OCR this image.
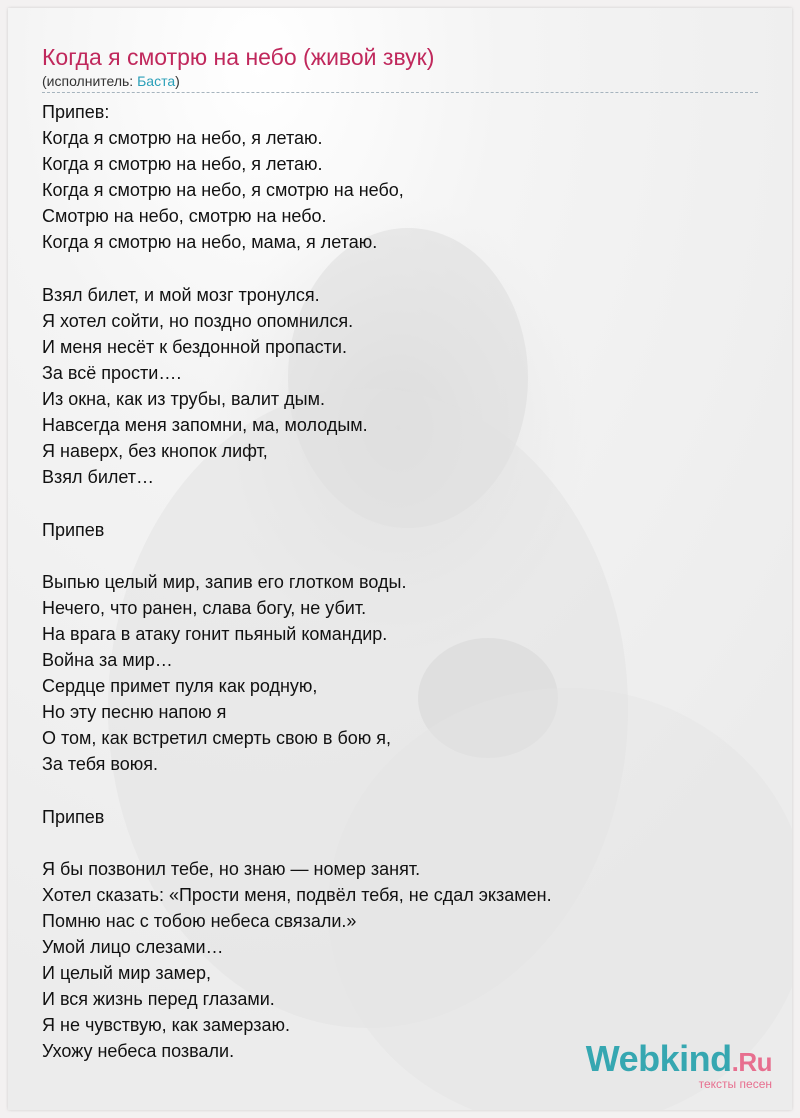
Когда я смотрю на небо (живой звук)
(исполнитель: Баста)
Припев:
Когда я смотрю на небо, я летаю.
Когда я смотрю на небо, я летаю.
Когда я смотрю на небо, я смотрю на небо,
Смотрю на небо, смотрю на небо.
Когда я смотрю на небо, мама, я летаю.
Взял билет, и мой мозг тронулся.
Я хотел сойти, но поздно опомнился.
И меня несёт к бездонной пропасти.
За всё прости….
Из окна, как из трубы, валит дым.
Навсегда меня запомни, ма, молодым.
Я наверх, без кнопок лифт,
Взял билет…
Припев
Выпью целый мир, запив его глотком воды.
Нечего, что ранен, слава богу, не убит.
На врага в атаку гонит пьяный командир.
Война за мир…
Сердце примет пуля как родную,
Но эту песню напою я
О том, как встретил смерть свою в бою я,
За тебя воюя.
Припев
Я бы позвонил тебе, но знаю — номер занят.
Хотел сказать: «Прости меня, подвёл тебя, не сдал экзамен.
Помню нас с тобою небеса связали.»
Умой лицо слезами…
И целый мир замер,
И вся жизнь перед глазами.
Я не чувствую, как замерзаю.
Ухожу небеса позвали.	Webkind.Ru
тексты песен
